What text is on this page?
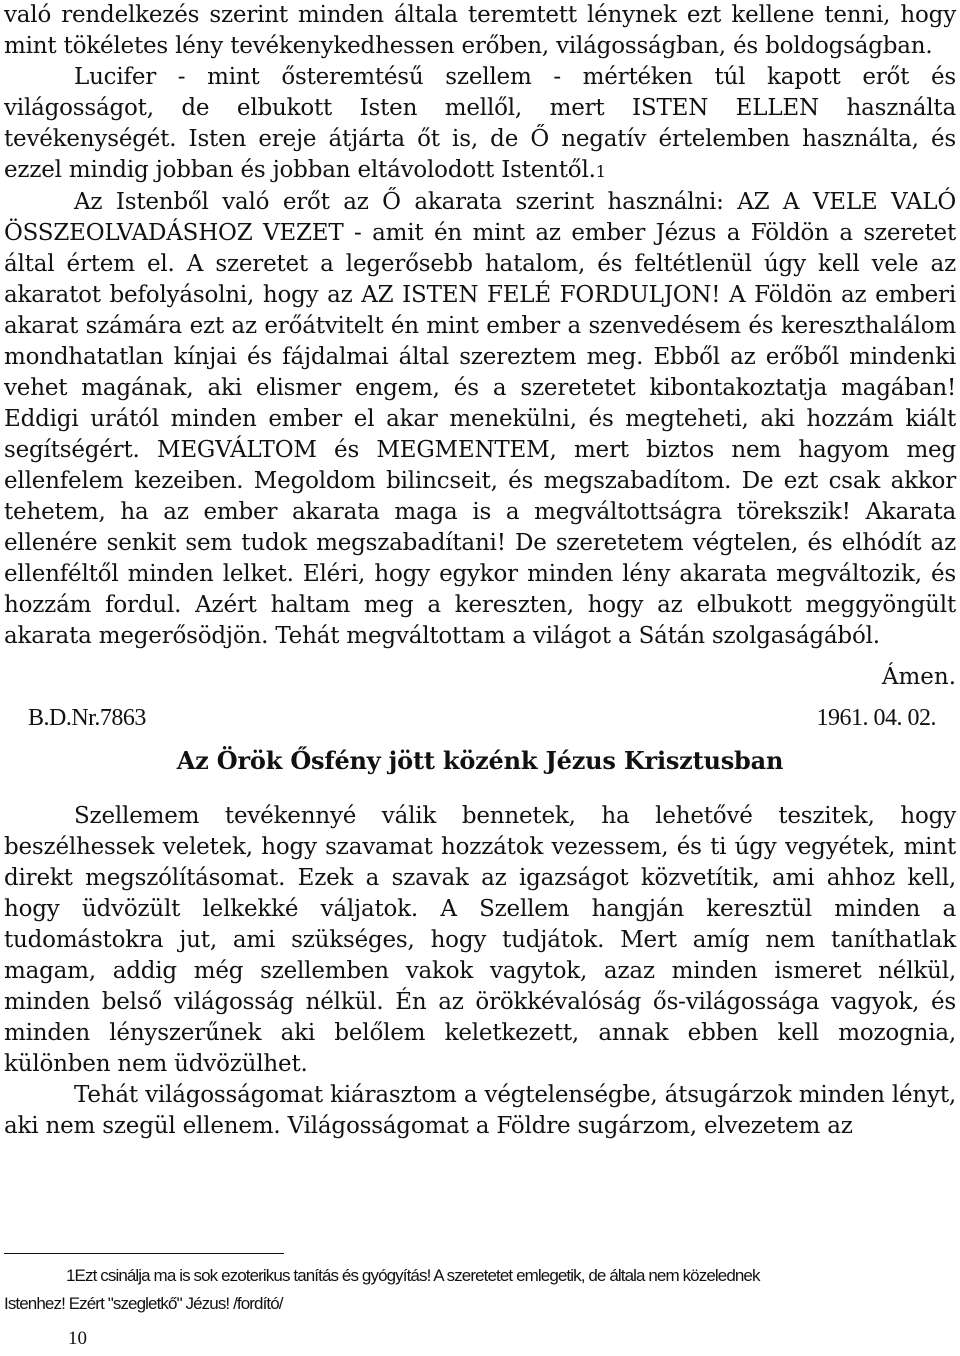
való rendelkezés szerint minden általa teremtett lénynek ezt kellene tenni, hogy mint tökéletes lény tevékenykedhessen erőben, világosságban, és boldogságban.

Lucifer - mint ősteremtésű szellem - mértéken túl kapott erőt és világosságot, de elbukott Isten mellől, mert ISTEN ELLEN használta tevékenységét. Isten ereje átjárta őt is, de Ő negatív értelemben használta, és ezzel mindig jobban és jobban eltávolodott Istentől.1

Az Istenből való erőt az Ő akarata szerint használni: AZ A VELE VALÓ ÖSSZEOLVADÁSHOZ VEZET - amit én mint az ember Jézus a Földön a szeretet által értem el. A szeretet a legerősebb hatalom, és feltétlenül úgy kell vele az akaratot befolyásolni, hogy az AZ ISTEN FELÉ FORDULJON! A Földön az emberi akarat számára ezt az erőátvitelt én mint ember a szenvedésem és kereszthalálom mondhatatlan kínjai és fájdalmai által szereztem meg. Ebből az erőből mindenki vehet magának, aki elismer engem, és a szeretetet kibontakoztatja magában! Eddigi urától minden ember el akar menekülni, és megteheti, aki hozzám kiált segítségért. MEGVÁLTOM és MEGMENTEM, mert biztos nem hagyom meg ellenfelem kezeiben. Megoldom bilincseit, és megszabadítom. De ezt csak akkor tehetem, ha az ember akarata maga is a megváltottságra törekszik! Akarata ellenére senkit sem tudok megszabadítani! De szeretetem végtelen, és elhódít az ellenféltől minden lelket. Eléri, hogy egykor minden lény akarata megváltozik, és hozzám fordul. Azért haltam meg a kereszten, hogy az elbukott meggyöngült akarata megerősödjön. Tehát megváltottam a világot a Sátán szolgaságából.

Ámen.
B.D.Nr.7863	1961. 04. 02.
Az Örök Ősfény jött közénk Jézus Krisztusban

Szellemem tevékennyé válik bennetek, ha lehetővé teszitek, hogy beszélhessek veletek, hogy szavamat hozzátok vezessem, és ti úgy vegyétek, mint direkt megszólításomat. Ezek a szavak az igazságot közvetítik, ami ahhoz kell, hogy üdvözült lelkekké váljatok. A Szellem hangján keresztül minden a tudomástokra jut, ami szükséges, hogy tudjátok. Mert amíg nem taníthatlak magam, addig még szellemben vakok vagytok, azaz minden ismeret nélkül, minden belső világosság nélkül. Én az örökkévalóság ős-világossága vagyok, és minden lényszerűnek aki belőlem keletkezett, annak ebben kell mozognia, különben nem üdvözülhet.

Tehát világosságomat kiárasztom a végtelenségbe, átsugárzok minden lényt, aki nem szegül ellenem. Világosságomat a Földre sugárzom, elvezetem az

1Ezt csinálja ma is sok ezoterikus tanítás és gyógyítás! A szeretetet emlegetik, de általa nem közelednek
Istenhez! Ezért "szegletkő" Jézus! /fordító/
10
